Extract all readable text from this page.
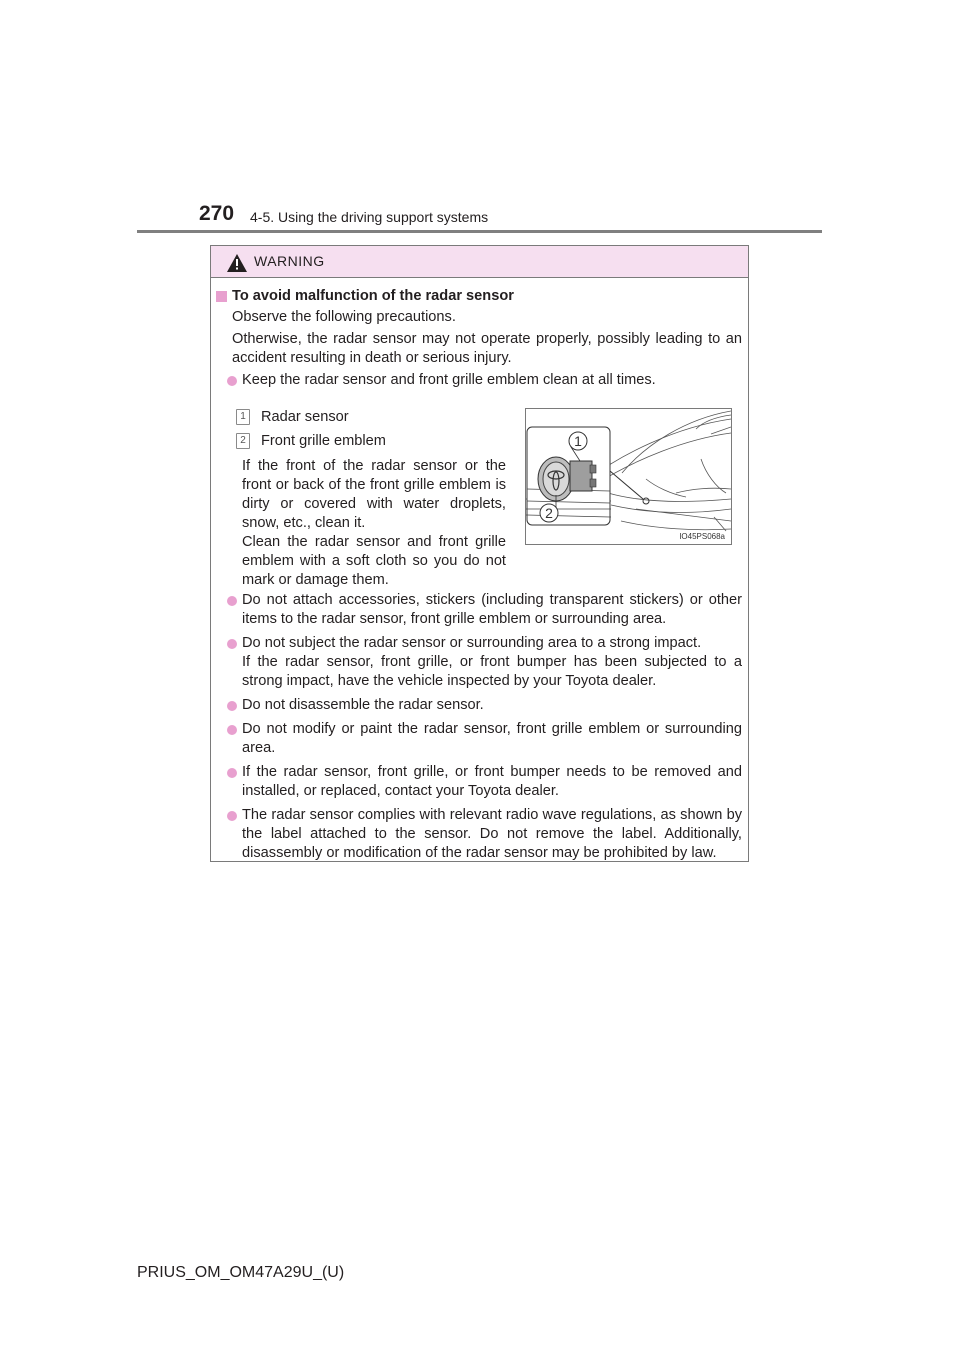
270 4-5. Using the driving support systems
WARNING
To avoid malfunction of the radar sensor
Observe the following precautions.
Otherwise, the radar sensor may not operate properly, possibly leading to an accident resulting in death or serious injury.
Keep the radar sensor and front grille emblem clean at all times.
1 Radar sensor
2 Front grille emblem
If the front of the radar sensor or the front or back of the front grille emblem is dirty or covered with water droplets, snow, etc., clean it.
Clean the radar sensor and front grille emblem with a soft cloth so you do not mark or damage them.
1
2
IO45PS068a
Do not attach accessories, stickers (including transparent stickers) or other items to the radar sensor, front grille emblem or surrounding area.
Do not subject the radar sensor or surrounding area to a strong impact.
If the radar sensor, front grille, or front bumper has been subjected to a strong impact, have the vehicle inspected by your Toyota dealer.
Do not disassemble the radar sensor.
Do not modify or paint the radar sensor, front grille emblem or surrounding area.
If the radar sensor, front grille, or front bumper needs to be removed and installed, or replaced, contact your Toyota dealer.
The radar sensor complies with relevant radio wave regulations, as shown by the label attached to the sensor. Do not remove the label. Additionally, disassembly or modification of the radar sensor may be prohibited by law.
PRIUS_OM_OM47A29U_(U)
